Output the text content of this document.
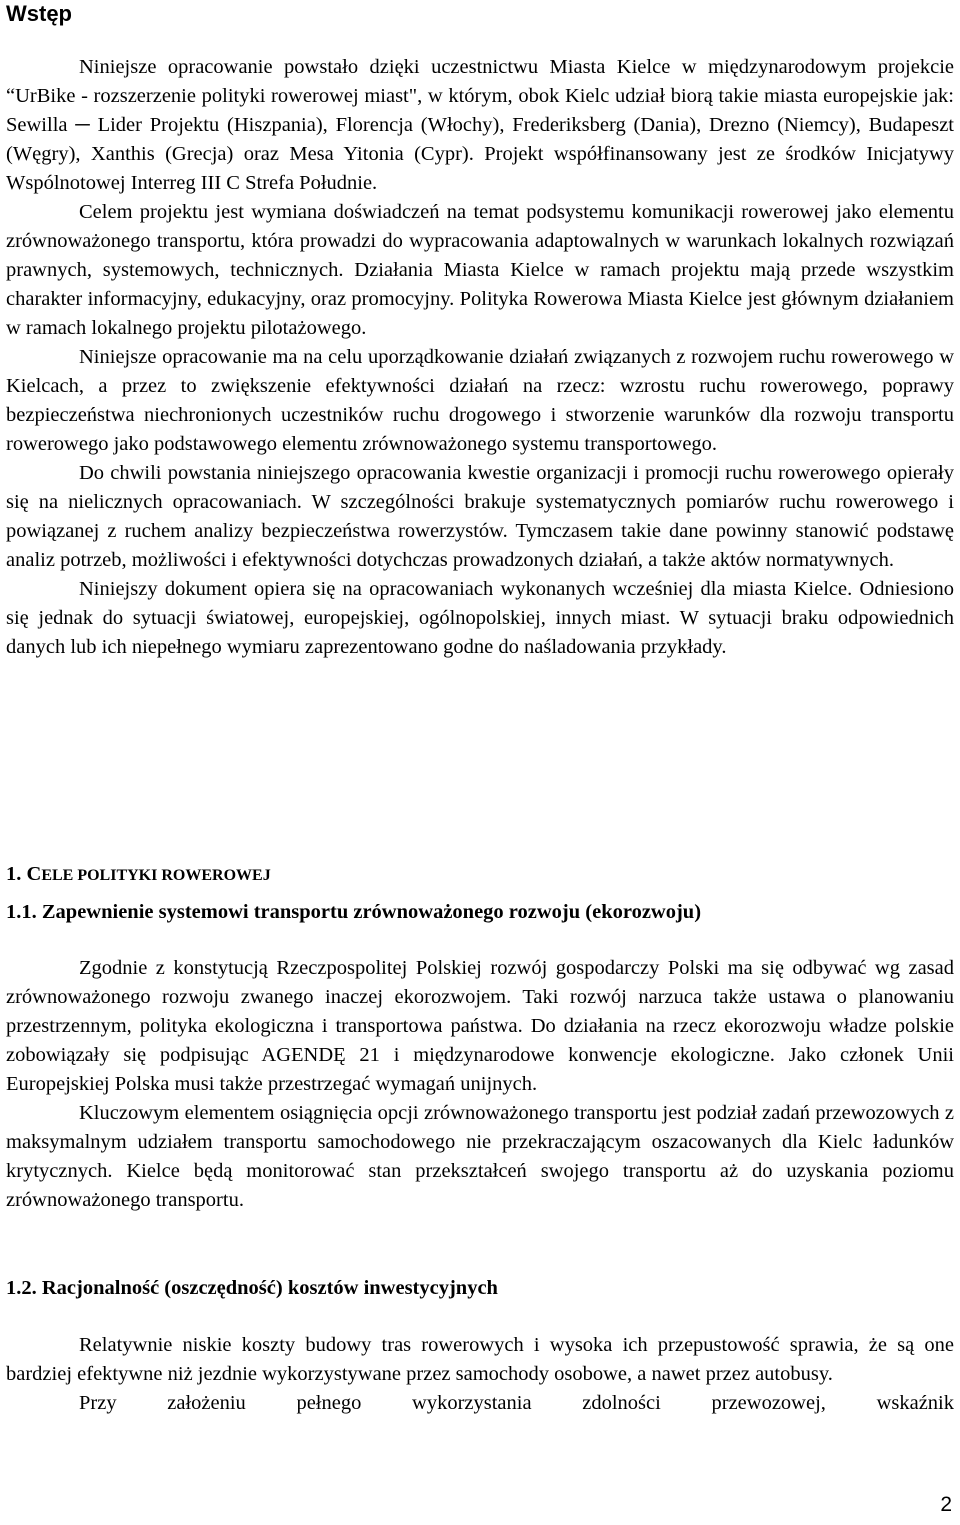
Wstęp

Niniejsze opracowanie powstało dzięki uczestnictwu Miasta Kielce w międzynarodowym projekcie “UrBike - rozszerzenie polityki rowerowej miast", w którym, obok Kielc udział biorą takie miasta europejskie jak: Sewilla ─ Lider Projektu (Hiszpania), Florencja (Włochy), Frederiksberg (Dania), Drezno (Niemcy), Budapeszt (Węgry), Xanthis (Grecja) oraz Mesa Yitonia (Cypr). Projekt współfinansowany jest ze środków Inicjatywy Wspólnotowej Interreg III C Strefa Południe.

Celem projektu jest wymiana doświadczeń na temat podsystemu komunikacji rowerowej jako elementu zrównoważonego transportu, która prowadzi do wypracowania adaptowalnych w warunkach lokalnych rozwiązań prawnych, systemowych, technicznych. Działania Miasta Kielce w ramach projektu mają przede wszystkim charakter informacyjny, edukacyjny, oraz promocyjny. Polityka Rowerowa Miasta Kielce jest głównym działaniem w ramach lokalnego projektu pilotażowego.

Niniejsze opracowanie ma na celu uporządkowanie działań związanych z rozwojem ruchu rowerowego w Kielcach, a przez to zwiększenie efektywności działań na rzecz: wzrostu ruchu rowerowego, poprawy bezpieczeństwa niechronionych uczestników ruchu drogowego i stworzenie warunków dla rozwoju transportu rowerowego jako podstawowego elementu zrównoważonego systemu transportowego.

Do chwili powstania niniejszego opracowania kwestie organizacji i promocji ruchu rowerowego opierały się na nielicznych opracowaniach. W szczególności brakuje systematycznych pomiarów ruchu rowerowego i powiązanej z ruchem analizy bezpieczeństwa rowerzystów. Tymczasem takie dane powinny stanowić podstawę analiz potrzeb, możliwości i efektywności dotychczas prowadzonych działań, a także aktów normatywnych.

Niniejszy dokument opiera się na opracowaniach wykonanych wcześniej dla miasta Kielce. Odniesiono się jednak do sytuacji światowej, europejskiej, ogólnopolskiej, innych miast. W sytuacji braku odpowiednich danych lub ich niepełnego wymiaru zaprezentowano godne do naśladowania przykłady.

1. CELE POLITYKI ROWEROWEJ
1.1. Zapewnienie systemowi transportu zrównoważonego rozwoju (ekorozwoju)

Zgodnie z konstytucją Rzeczpospolitej Polskiej rozwój gospodarczy Polski ma się odbywać wg zasad zrównoważonego rozwoju zwanego inaczej ekorozwojem. Taki rozwój narzuca także ustawa o planowaniu przestrzennym, polityka ekologiczna i transportowa państwa. Do działania na rzecz ekorozwoju władze polskie zobowiązały się podpisując AGENDĘ 21 i międzynarodowe konwencje ekologiczne. Jako członek Unii Europejskiej Polska musi także przestrzegać wymagań unijnych.

Kluczowym elementem osiągnięcia opcji zrównoważonego transportu jest podział zadań przewozowych z maksymalnym udziałem transportu samochodowego nie przekraczającym oszacowanych dla Kielc ładunków krytycznych. Kielce będą monitorować stan przekształceń swojego transportu aż do uzyskania poziomu zrównoważonego transportu.

1.2. Racjonalność (oszczędność) kosztów inwestycyjnych

Relatywnie niskie koszty budowy tras rowerowych i wysoka ich przepustowość sprawia, że są one bardziej efektywne niż jezdnie wykorzystywane przez samochody osobowe, a nawet przez autobusy.

Przy założeniu pełnego wykorzystania zdolności przewozowej, wskaźnik

2
